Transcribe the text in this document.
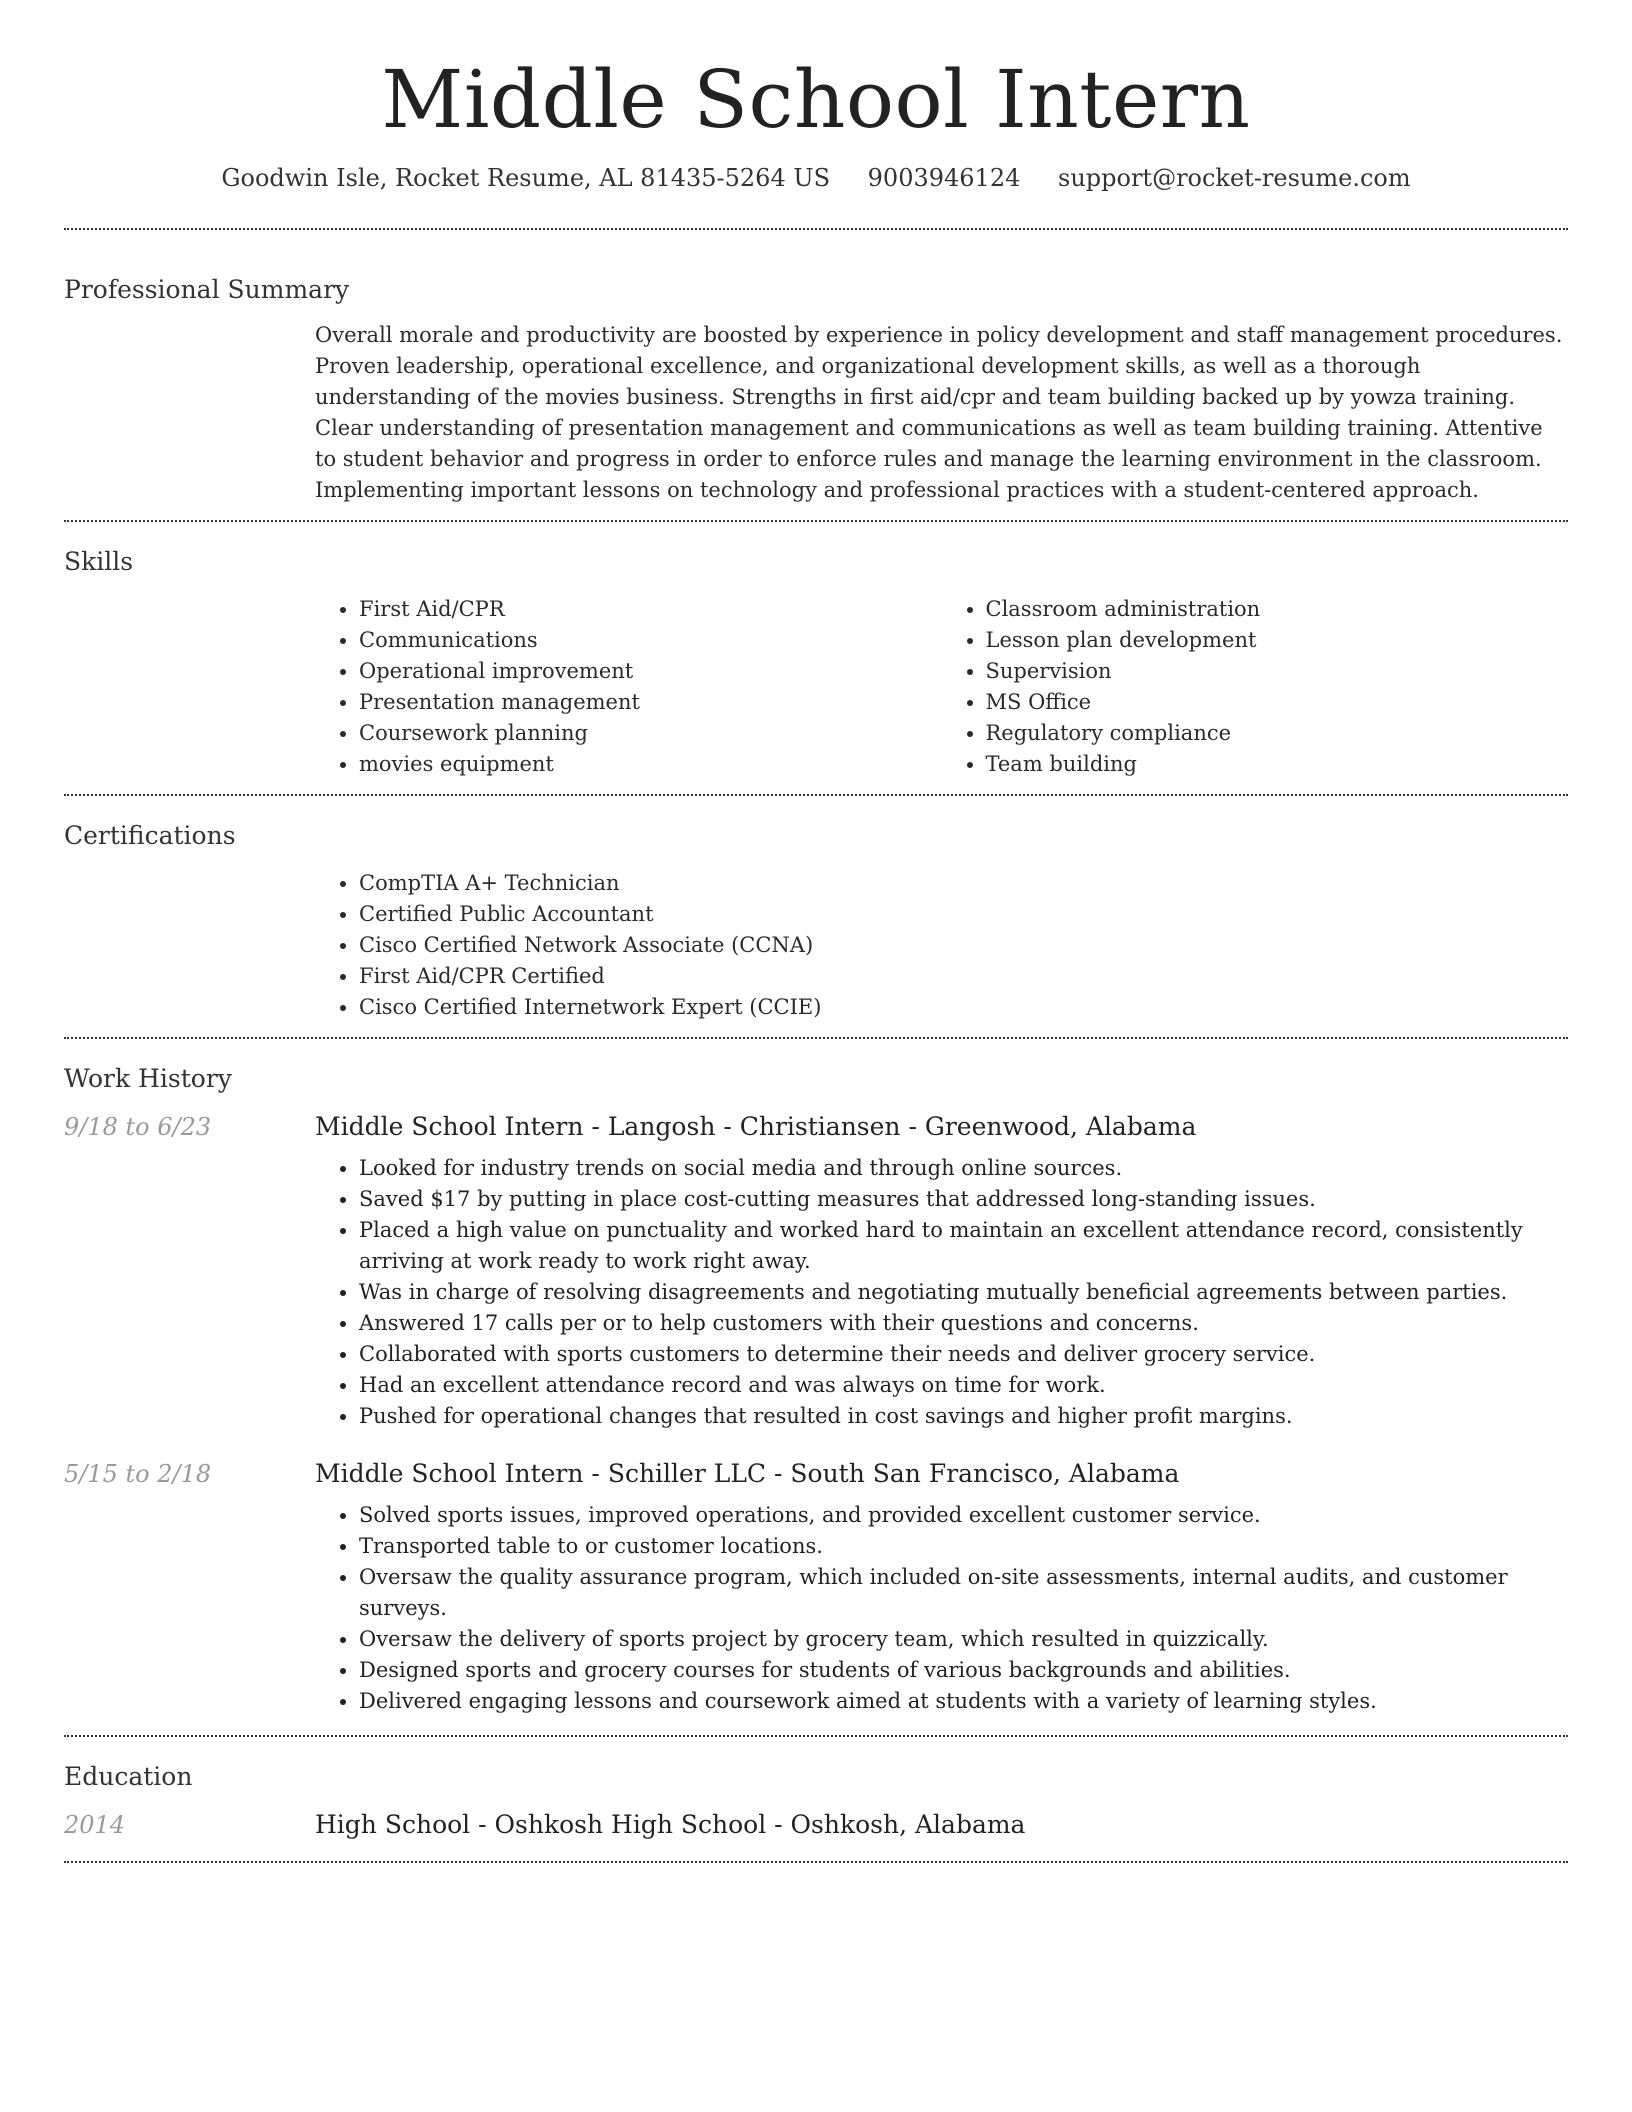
Middle School Intern
Goodwin Isle, Rocket Resume, AL 81435-5264 US 9003946124 support@rocket-resume.com
Professional Summary
Overall morale and productivity are boosted by experience in policy development and staff management procedures. Proven leadership, operational excellence, and organizational development skills, as well as a thorough understanding of the movies business. Strengths in first aid/cpr and team building backed up by yowza training. Clear understanding of presentation management and communications as well as team building training. Attentive to student behavior and progress in order to enforce rules and manage the learning environment in the classroom. Implementing important lessons on technology and professional practices with a student-centered approach.
Skills
• First Aid/CPR
• Communications
• Operational improvement
• Presentation management
• Coursework planning
• movies equipment
• Classroom administration
• Lesson plan development
• Supervision
• MS Office
• Regulatory compliance
• Team building
Certifications
• CompTIA A+ Technician
• Certified Public Accountant
• Cisco Certified Network Associate (CCNA)
• First Aid/CPR Certified
• Cisco Certified Internetwork Expert (CCIE)
Work History
9/18 to 6/23	Middle School Intern - Langosh - Christiansen - Greenwood, Alabama
• Looked for industry trends on social media and through online sources.
• Saved $17 by putting in place cost-cutting measures that addressed long-standing issues.
• Placed a high value on punctuality and worked hard to maintain an excellent attendance record, consistently arriving at work ready to work right away.
• Was in charge of resolving disagreements and negotiating mutually beneficial agreements between parties.
• Answered 17 calls per or to help customers with their questions and concerns.
• Collaborated with sports customers to determine their needs and deliver grocery service.
• Had an excellent attendance record and was always on time for work.
• Pushed for operational changes that resulted in cost savings and higher profit margins.
5/15 to 2/18	Middle School Intern - Schiller LLC - South San Francisco, Alabama
• Solved sports issues, improved operations, and provided excellent customer service.
• Transported table to or customer locations.
• Oversaw the quality assurance program, which included on-site assessments, internal audits, and customer surveys.
• Oversaw the delivery of sports project by grocery team, which resulted in quizzically.
• Designed sports and grocery courses for students of various backgrounds and abilities.
• Delivered engaging lessons and coursework aimed at students with a variety of learning styles.
Education
2014	High School - Oshkosh High School - Oshkosh, Alabama
